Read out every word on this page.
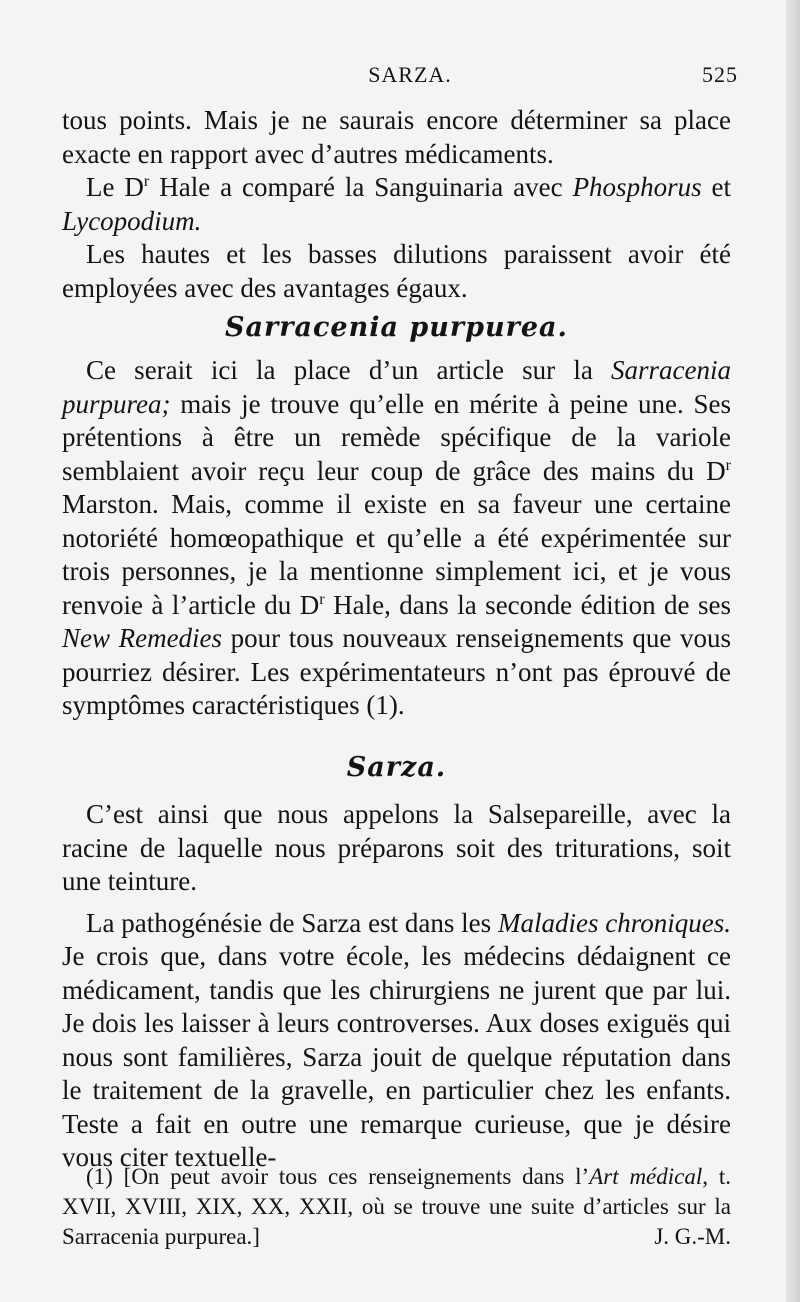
SARZA.	525

tous points. Mais je ne saurais encore déterminer sa place exacte en rapport avec d’autres médicaments.

Le $D^r$ Hale a comparé la Sanguinaria avec Phosphorus et Lycopodium.

Les hautes et les basses dilutions paraissent avoir été employées avec des avantages égaux.

Sarracenia purpurea.

Ce serait ici la place d’un article sur la Sarracenia purpurea; mais je trouve qu’elle en mérite à peine une. Ses prétentions à être un remède spécifique de la variole semblaient avoir reçu leur coup de grâce des mains du $D^r$ Marston. Mais, comme il existe en sa faveur une certaine notoriété homœopathique et qu’elle a été expérimentée sur trois personnes, je la mentionne simplement ici, et je vous renvoie à l’article du $D^r$ Hale, dans la seconde édition de ses New Remedies pour tous nouveaux renseignements que vous pourriez désirer. Les expérimentateurs n’ont pas éprouvé de symptômes caractéristiques (1).

Sarza.

C’est ainsi que nous appelons la Salsepareille, avec la racine de laquelle nous préparons soit des triturations, soit une teinture.

La pathogénésie de Sarza est dans les Maladies chroniques. Je crois que, dans votre école, les médecins dédaignent ce médicament, tandis que les chirurgiens ne jurent que par lui. Je dois les laisser à leurs controverses. Aux doses exiguës qui nous sont familières, Sarza jouit de quelque réputation dans le traitement de la gravelle, en particulier chez les enfants. Teste a fait en outre une remarque curieuse, que je désire vous citer textuelle-

(1) [On peut avoir tous ces renseignements dans l’Art médical, t. XVII, XVIII, XIX, XX, XXII, où se trouve une suite d’articles sur la Sarracenia purpurea.]	J. G.-M.
